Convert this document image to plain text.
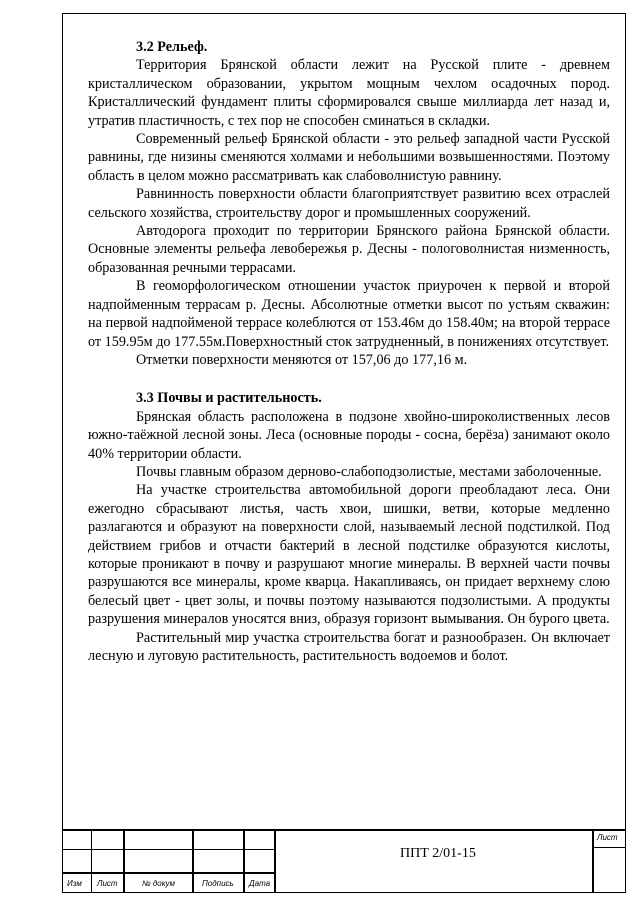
3.2 Рельеф.

Территория Брянской области лежит на Русской плите - древнем кристаллическом образовании, укрытом мощным чехлом осадочных пород. Кристаллический фундамент плиты сформировался свыше миллиарда лет назад и, утратив пластичность, с тех пор не способен сминаться в складки.

Современный рельеф Брянской области - это рельеф западной части Русской равнины, где низины сменяются холмами и небольшими возвышенностями. Поэтому область в целом можно рассматривать как слабоволнистую равнину.

Равнинность поверхности области благоприятствует развитию всех отраслей сельского хозяйства, строительству дорог и промышленных сооружений.

Автодорога проходит по территории Брянского района Брянской области. Основные элементы рельефа левобережья р. Десны - пологоволнистая низменность, образованная речными террасами.

В геоморфологическом отношении участок приурочен к первой и второй надпойменным террасам р. Десны. Абсолютные отметки высот по устьям скважин: на первой надпойменой террасе колеблются от 153.46м до 158.40м; на второй террасе от 159.95м до 177.55м.Поверхностный сток затрудненный, в понижениях отсутствует.

Отметки поверхности меняются от 157,06 до 177,16 м.

3.3 Почвы и растительность.

Брянская область расположена в подзоне хвойно-широколиственных лесов южно-таёжной лесной зоны. Леса (основные породы - сосна, берёза) занимают около 40% территории области.

Почвы главным образом дерново-слабоподзолистые, местами заболоченные.

На участке строительства автомобильной дороги преобладают леса. Они ежегодно сбрасывают листья, часть хвои, шишки, ветви, которые медленно разлагаются и образуют на поверхности слой, называемый лесной подстилкой. Под действием грибов и отчасти бактерий в лесной подстилке образуются кислоты, которые проникают в почву и разрушают многие минералы. В верхней части почвы разрушаются все минералы, кроме кварца. Накапливаясь, он придает верхнему слою белесый цвет - цвет золы, и почвы поэтому называются подзолистыми. А продукты разрушения минералов уносятся вниз, образуя горизонт вымывания. Он бурого цвета.

Растительный мир участка строительства богат и разнообразен. Он включает лесную и луговую растительность, растительность водоемов и болот.

Изм Лист	№ докум	Подпись Дата
Лист
ППТ 2/01-15
